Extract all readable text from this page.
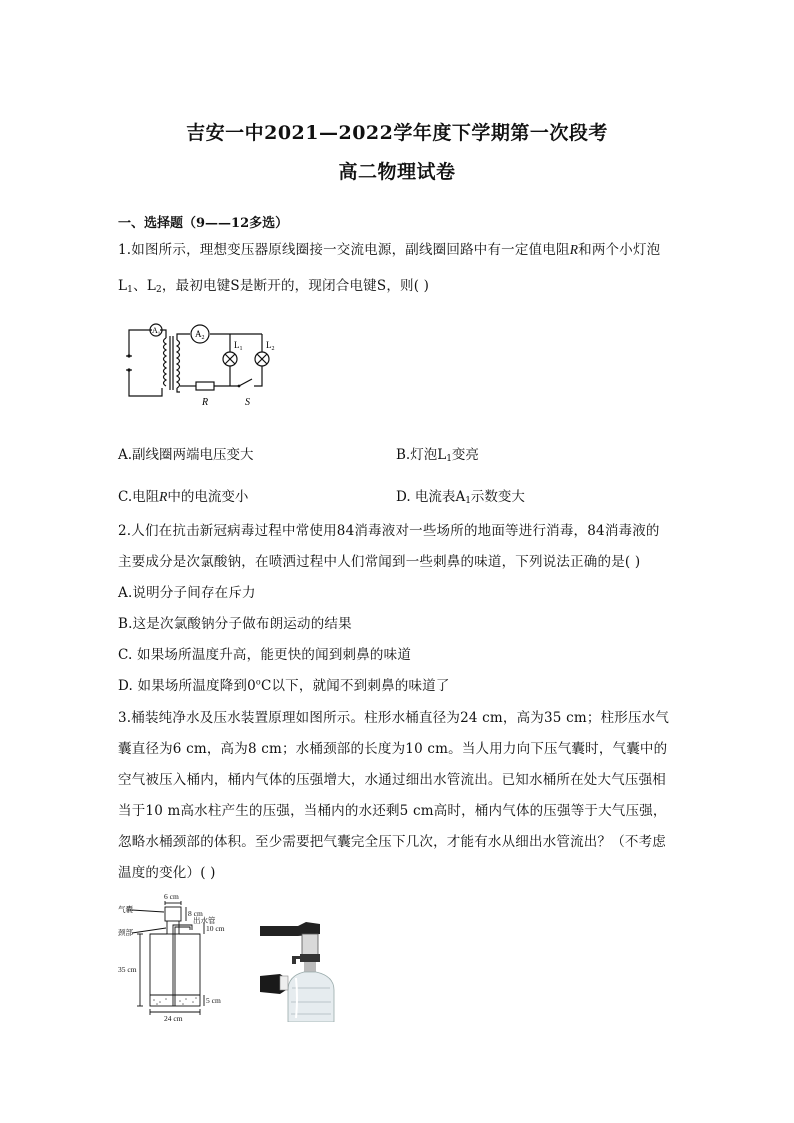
吉安一中2021—2022学年度下学期第一次段考
高二物理试卷
一、选择题（9——12多选）
1.如图所示，理想变压器原线圈接一交流电源，副线圈回路中有一定值电阻R和两个小灯泡
$L_1$、$L_2$，最初电键S是断开的，现闭合电键S，则( )
$A_1$	$A_2$
$L_1$	$L_2$
R	S
A.副线圈两端电压变大	B.灯泡$L_1$变亮
C.电阻R中的电流变小	D. 电流表$A_1$示数变大
2.人们在抗击新冠病毒过程中常使用84消毒液对一些场所的地面等进行消毒，84消毒液的
主要成分是次氯酸钠，在喷洒过程中人们常闻到一些刺鼻的味道，下列说法正确的是( )
A.说明分子间存在斥力
B.这是次氯酸钠分子做布朗运动的结果
C. 如果场所温度升高，能更快的闻到刺鼻的味道
D. 如果场所温度降到0$^o$C以下，就闻不到刺鼻的味道了
3.桶装纯净水及压水装置原理如图所示。柱形水桶直径为24 cm，高为35 cm；柱形压水气
囊直径为6 cm，高为8 cm；水桶颈部的长度为10 cm。当人用力向下压气囊时，气囊中的
空气被压入桶内，桶内气体的压强增大，水通过细出水管流出。已知水桶所在处大气压强相
当于10 m高水柱产生的压强，当桶内的水还剩5 cm高时，桶内气体的压强等于大气压强，
忽略水桶颈部的体积。至少需要把气囊完全压下几次，才能有水从细出水管流出？（不考虑
温度的变化）( )
6 cm
气囊	8 cm
出水管
颈部	10 cm
35 cm
5 cm
24 cm
